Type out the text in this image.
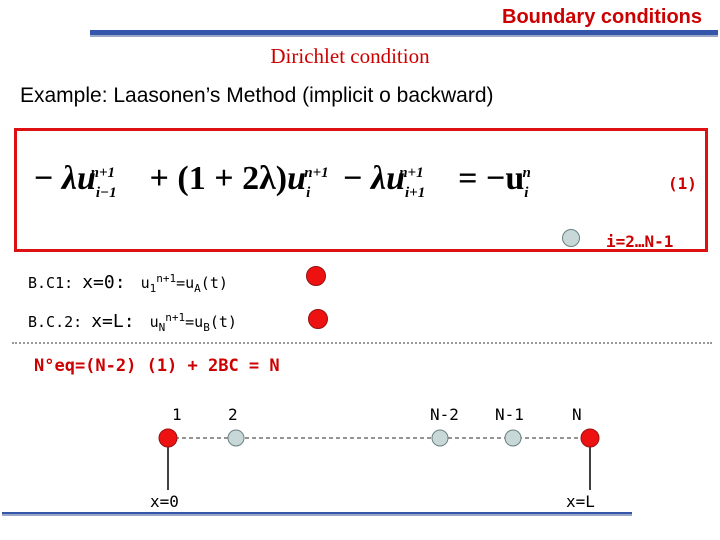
Boundary conditions
Dirichlet condition
Example: Laasonen’s Method (implicit o backward)
− $\lambda u_{i-1}^{n+1} + (1 + 2\lambda)u_i^{n+1} - \lambda u_{i+1}^{n+1} = -u_i^n$
(1)
i=2…N-1
B.C1: x=0: $u_1^{n+1}=u_A(t)$
B.C.2: x=L: $u_N^{n+1}=u_B(t)$
N°eq=(N-2) (1) + 2BC = N
1	2	N-2 N-1	N
x=0	x=L
